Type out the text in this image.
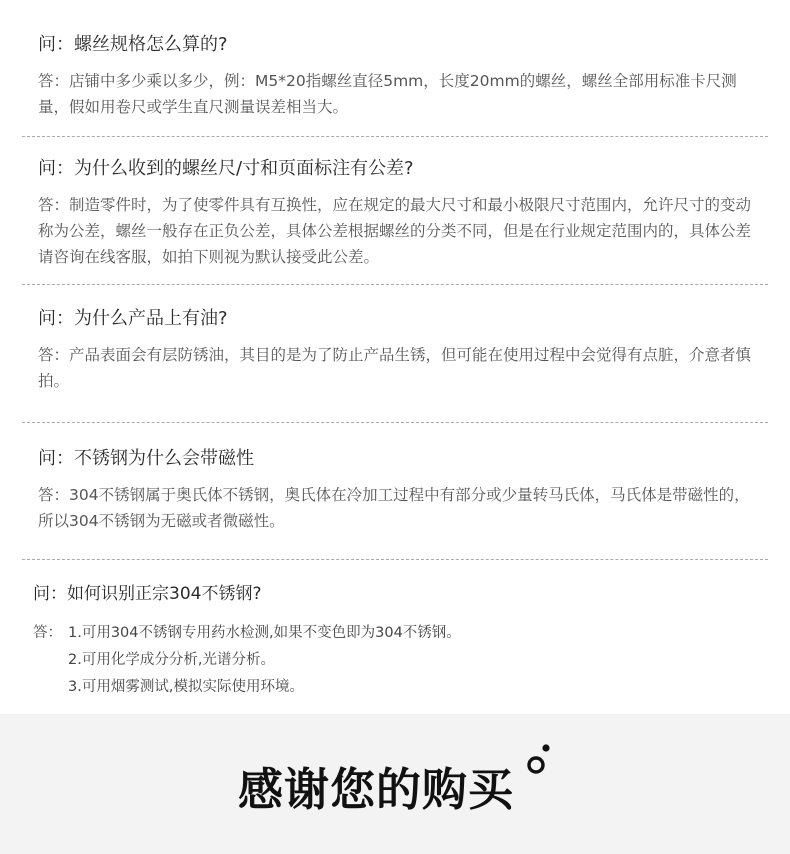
问：螺丝规格怎么算的?

答：店铺中多少乘以多少，例：M5*20指螺丝直径5mm，长度20mm的螺丝，螺丝全部用标准卡尺测量，假如用卷尺或学生直尺测量误差相当大。

问：为什么收到的螺丝尺/寸和页面标注有公差?

答：制造零件时，为了使零件具有互换性，应在规定的最大尺寸和最小极限尺寸范围内，允许尺寸的变动称为公差，螺丝一般存在正负公差，具体公差根据螺丝的分类不同，但是在行业规定范围内的，具体公差请咨询在线客服，如拍下则视为默认接受此公差。

问：为什么产品上有油?

答：产品表面会有层防锈油，其目的是为了防止产品生锈，但可能在使用过程中会觉得有点脏，介意者慎拍。

问：不锈钢为什么会带磁性

答：304不锈钢属于奥氏体不锈钢，奥氏体在冷加工过程中有部分或少量转马氏体，马氏体是带磁性的，所以304不锈钢为无磁或者微磁性。

问：如何识别正宗304不锈钢?

答： 1.可用304不锈钢专用药水检测,如果不变色即为304不锈钢。
2.可用化学成分分析,光谱分析。
3.可用烟雾测试,模拟实际使用环境。
感谢您的购买
